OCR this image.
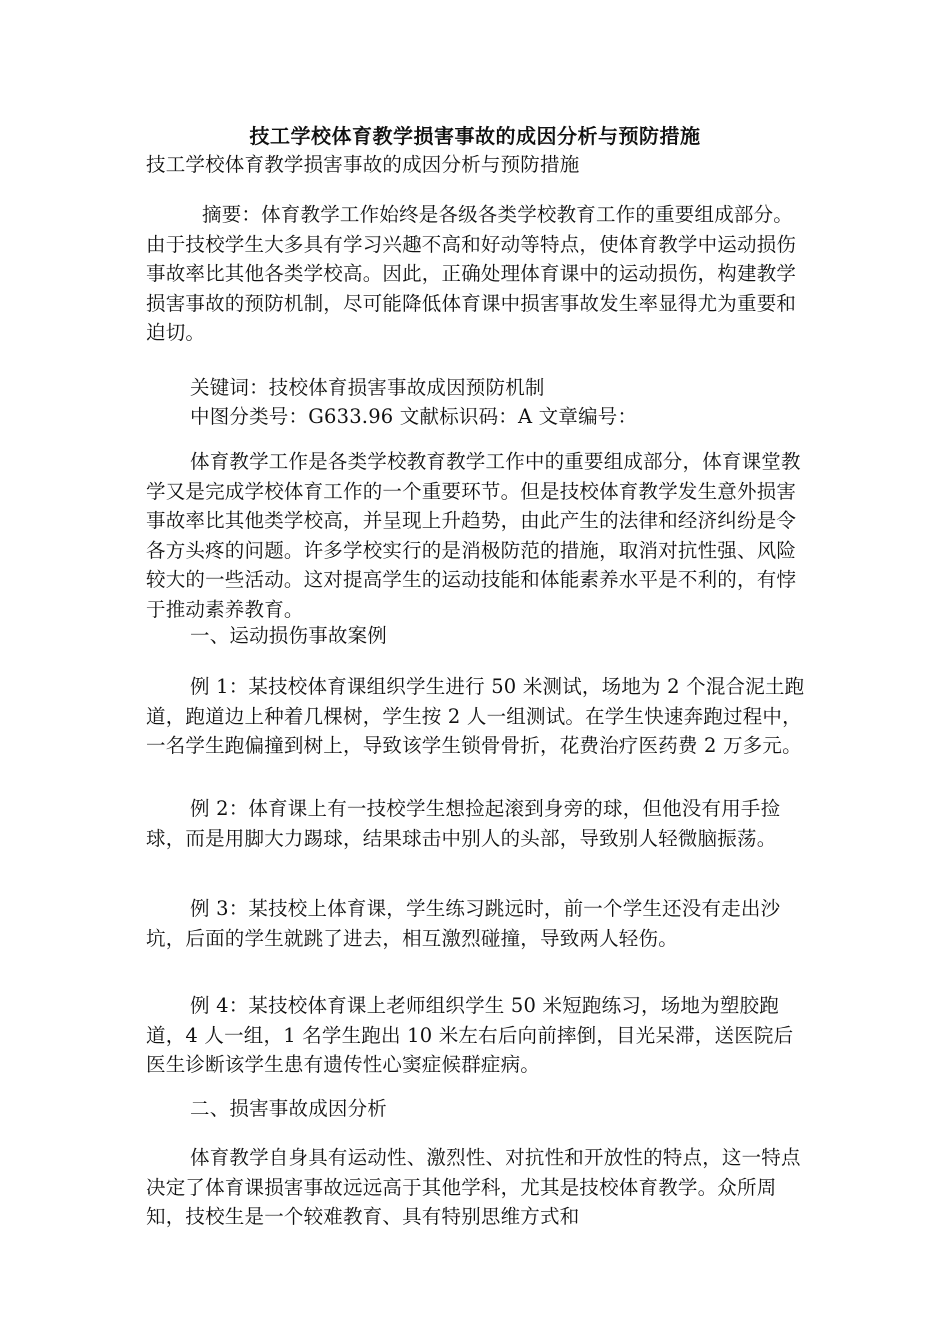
技工学校体育教学损害事故的成因分析与预防措施

技工学校体育教学损害事故的成因分析与预防措施

摘要：体育教学工作始终是各级各类学校教育工作的重要组成部分。由于技校学生大多具有学习兴趣不高和好动等特点，使体育教学中运动损伤事故率比其他各类学校高。因此，正确处理体育课中的运动损伤，构建教学损害事故的预防机制，尽可能降低体育课中损害事故发生率显得尤为重要和迫切。

关键词：技校体育损害事故成因预防机制

中图分类号：G633.96 文献标识码：A 文章编号：

体育教学工作是各类学校教育教学工作中的重要组成部分，体育课堂教学又是完成学校体育工作的一个重要环节。但是技校体育教学发生意外损害事故率比其他类学校高，并呈现上升趋势，由此产生的法律和经济纠纷是令各方头疼的问题。许多学校实行的是消极防范的措施，取消对抗性强、风险较大的一些活动。这对提高学生的运动技能和体能素养水平是不利的，有悖于推动素养教育。

一、运动损伤事故案例

例 1：某技校体育课组织学生进行 50 米测试，场地为 2 个混合泥土跑道，跑道边上种着几棵树，学生按 2 人一组测试。在学生快速奔跑过程中，一名学生跑偏撞到树上，导致该学生锁骨骨折，花费治疗医药费 2 万多元。

例 2：体育课上有一技校学生想捡起滚到身旁的球，但他没有用手捡球，而是用脚大力踢球，结果球击中别人的头部，导致别人轻微脑振荡。

例 3：某技校上体育课，学生练习跳远时，前一个学生还没有走出沙坑，后面的学生就跳了进去，相互激烈碰撞，导致两人轻伤。

例 4：某技校体育课上老师组织学生 50 米短跑练习，场地为塑胶跑道，4 人一组，1 名学生跑出 10 米左右后向前摔倒，目光呆滞，送医院后医生诊断该学生患有遗传性心窦症候群症病。

二、损害事故成因分析

体育教学自身具有运动性、激烈性、对抗性和开放性的特点，这一特点决定了体育课损害事故远远高于其他学科，尤其是技校体育教学。众所周知，技校生是一个较难教育、具有特别思维方式和
